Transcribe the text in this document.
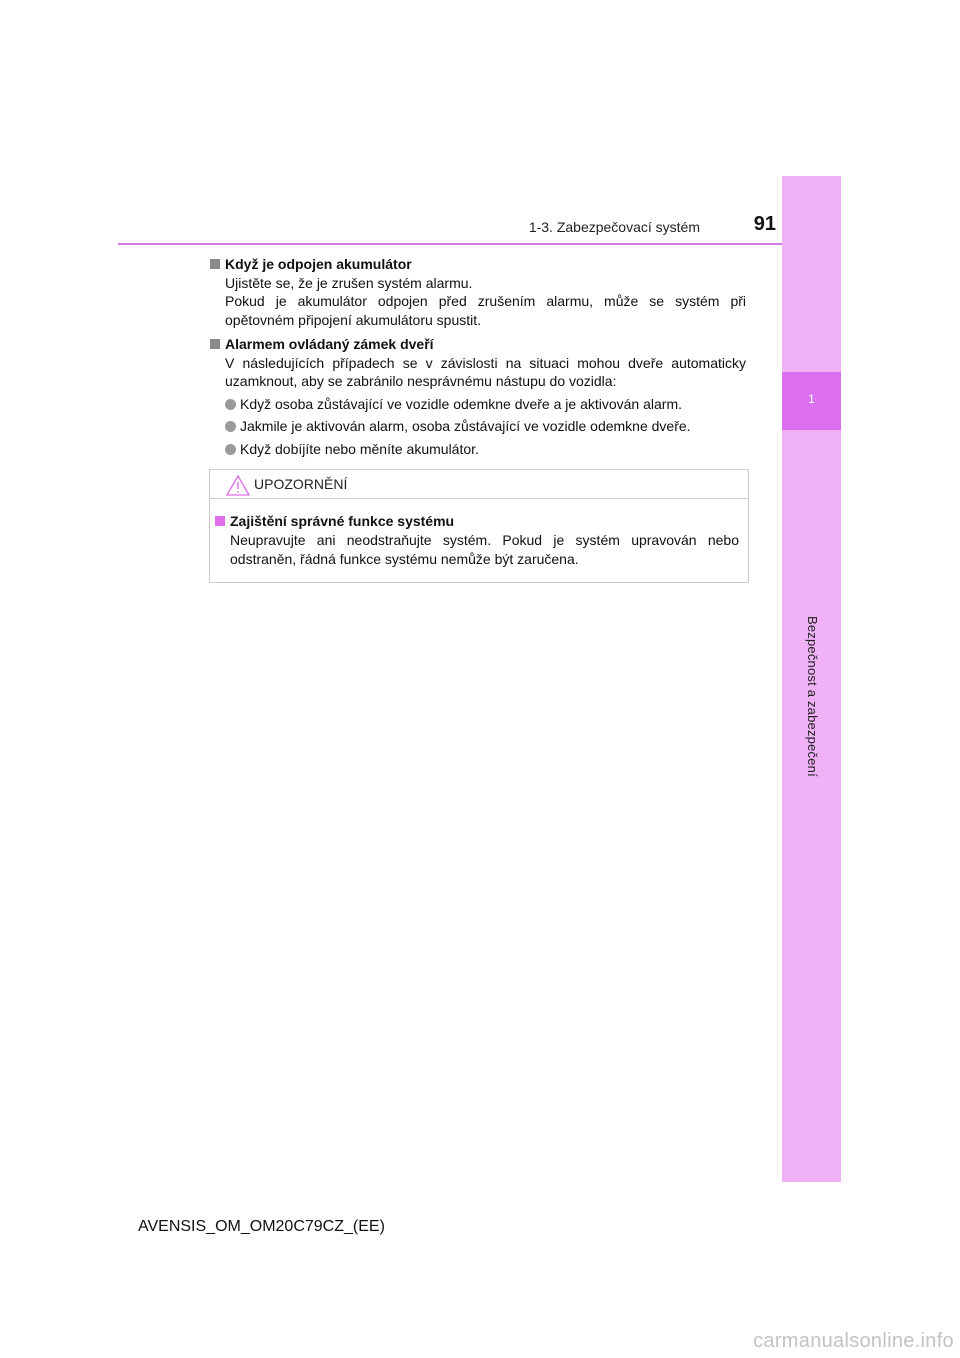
1-3. Zabezpečovací systém	91
1
Bezpečnost a zabezpečení
Když je odpojen akumulátor
Ujistěte se, že je zrušen systém alarmu.
Pokud je akumulátor odpojen před zrušením alarmu, může se systém při opětovném připojení akumulátoru spustit.
Alarmem ovládaný zámek dveří
V následujících případech se v závislosti na situaci mohou dveře automaticky uzamknout, aby se zabránilo nesprávnému nástupu do vozidla:
Když osoba zůstávající ve vozidle odemkne dveře a je aktivován alarm.
Jakmile je aktivován alarm, osoba zůstávající ve vozidle odemkne dveře.
Když dobíjíte nebo měníte akumulátor.
UPOZORNĚNÍ
Zajištění správné funkce systému
Neupravujte ani neodstraňujte systém. Pokud je systém upravován nebo odstraněn, řádná funkce systému nemůže být zaručena.
AVENSIS_OM_OM20C79CZ_(EE)
carmanualsonline.info
